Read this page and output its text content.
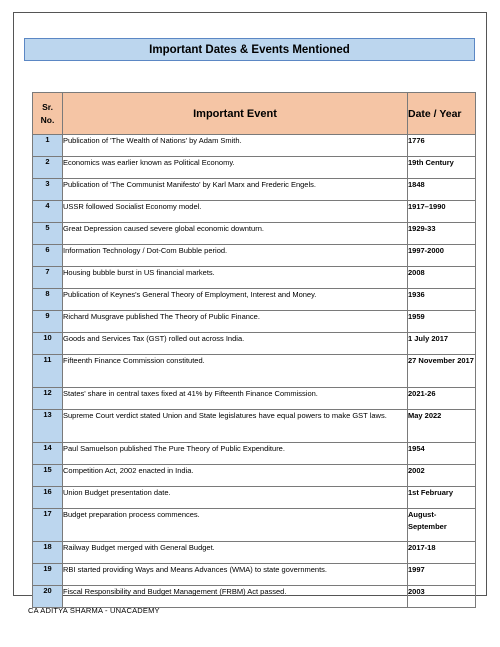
Important Dates & Events Mentioned
Sr.
No.	Important Event	Date / Year
1	Publication of 'The Wealth of Nations' by Adam Smith.	1776
2	Economics was earlier known as Political Economy.	19th Century
3	Publication of 'The Communist Manifesto' by Karl Marx and Frederic Engels.	1848
4	USSR followed Socialist Economy model.	1917–1990
5	Great Depression caused severe global economic downturn.	1929-33
6	Information Technology / Dot-Com Bubble period.	1997-2000
7	Housing bubble burst in US financial markets.	2008
8	Publication of Keynes's General Theory of Employment, Interest and Money.	1936
9	Richard Musgrave published The Theory of Public Finance.	1959
10	Goods and Services Tax (GST) rolled out across India.	1 July 2017
11	Fifteenth Finance Commission constituted.	27 November 2017
12	States' share in central taxes fixed at 41% by Fifteenth Finance Commission.	2021-26
13	Supreme Court verdict stated Union and State legislatures have equal powers to make GST laws.	May 2022
14	Paul Samuelson published The Pure Theory of Public Expenditure.	1954
15	Competition Act, 2002 enacted in India.	2002
16	Union Budget presentation date.	1st February
17	Budget preparation process commences.	August-September
18	Railway Budget merged with General Budget.	2017-18
19	RBI started providing Ways and Means Advances (WMA) to state governments.	1997
20	Fiscal Responsibility and Budget Management (FRBM) Act passed.	2003
CA ADITYA SHARMA - UNACADEMY
